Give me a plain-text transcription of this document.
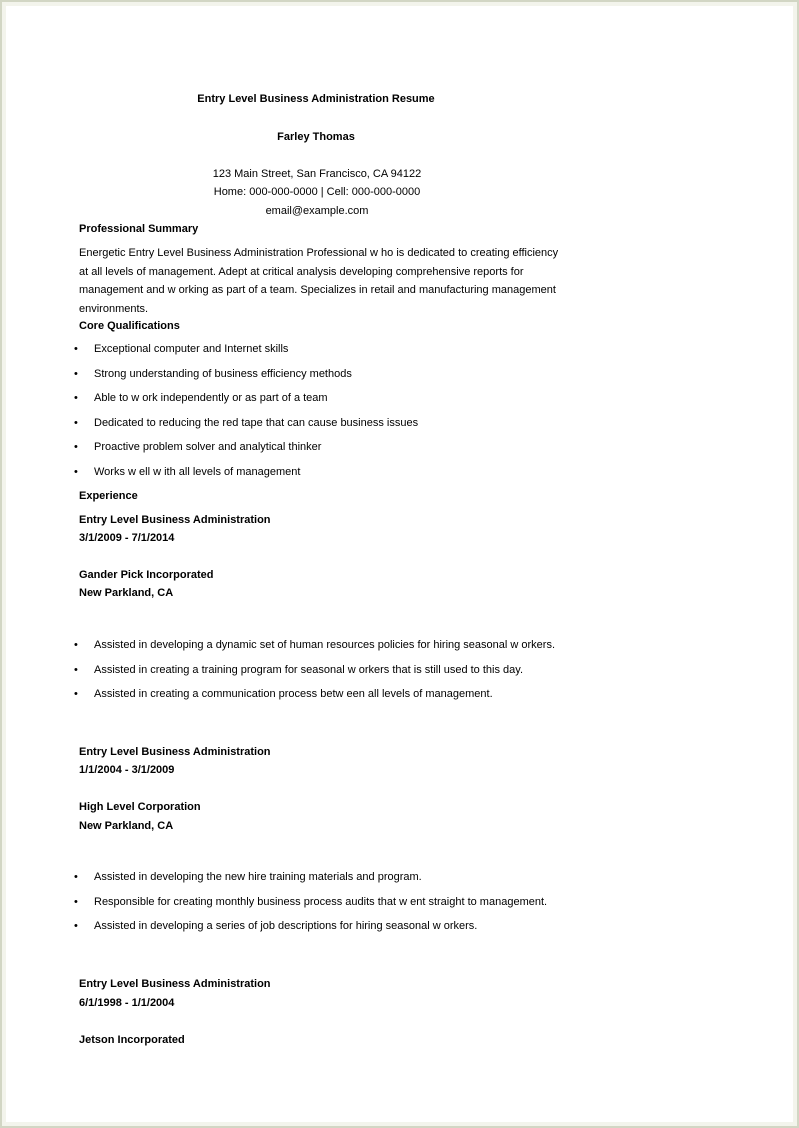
Entry Level Business Administration Resume
Farley Thomas
123 Main Street, San Francisco, CA 94122
Home: 000-000-0000 | Cell: 000-000-0000
email@example.com
Professional Summary
Energetic Entry Level Business Administration Professional w ho is dedicated to creating efficiency at all levels of management. Adept at critical analysis developing comprehensive reports for management and w orking as part of a team. Specializes in retail and manufacturing management environments.
Core Qualifications
• Exceptional computer and Internet skills
• Strong understanding of business efficiency methods
• Able to w ork independently or as part of a team
• Dedicated to reducing the red tape that can cause business issues
• Proactive problem solver and analytical thinker
• Works w ell w ith all levels of management
Experience
Entry Level Business Administration
3/1/2009 - 7/1/2014
Gander Pick Incorporated
New Parkland, CA
• Assisted in developing a dynamic set of human resources policies for hiring seasonal w orkers.
• Assisted in creating a training program for seasonal w orkers that is still used to this day.
• Assisted in creating a communication process betw een all levels of management.
Entry Level Business Administration
1/1/2004 - 3/1/2009
High Level Corporation
New Parkland, CA
• Assisted in developing the new hire training materials and program.
• Responsible for creating monthly business process audits that w ent straight to management.
• Assisted in developing a series of job descriptions for hiring seasonal w orkers.
Entry Level Business Administration
6/1/1998 - 1/1/2004
Jetson Incorporated
